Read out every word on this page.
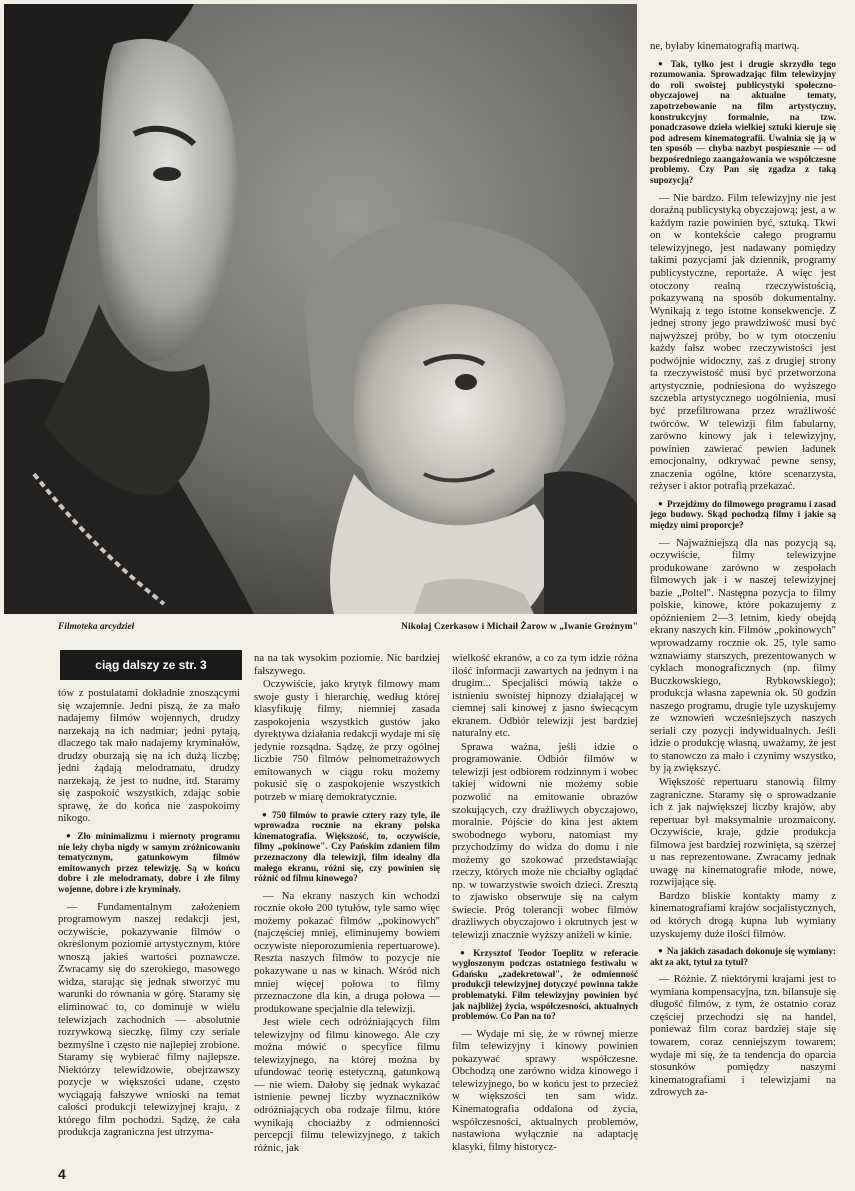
Filmoteka arcydzieł	Nikołaj Czerkasow i Michaił Żarow w „Iwanie Groźnym"
ciąg dalszy ze str. 3

tów z postulatami dokładnie znoszącymi się wzajemnie. Jedni piszą, że za mało nadajemy filmów wojennych, drudzy narzekają na ich nadmiar; jedni pytają, dlaczego tak mało nadajemy kryminałów, drudzy oburzają się na ich dużą liczbę; jedni żądają melodramatu, drudzy narzekają, że jest to nudne, itd. Staramy się zaspokoić wszystkich, zdając sobie sprawę, że do końca nie zaspokoimy nikogo.

● Zło minimalizmu i miernoty programu nie leży chyba nigdy w samym zróżnicowaniu tematycznym, gatunkowym filmów emitowanych przez telewizję. Są w końcu dobre i złe melodramaty, dobre i złe filmy wojenne, dobre i złe kryminały.

— Fundamentalnym założeniem programowym naszej redakcji jest, oczywiście, pokazywanie filmów o określonym poziomie artystycznym, które wnoszą jakieś wartości poznawcze. Zwracamy się do szerokiego, masowego widza, starając się jednak stworzyć mu warunki do równania w górę. Staramy się eliminować to, co dominuje w wielu telewizjach zachodnich — absolutnie rozrywkową sieczkę, filmy czy seriale bezmyślne i często nie najlepiej zrobione. Staramy się wybierać filmy najlepsze. Niektórzy telewidzowie, obejrzawszy pozycje w większości udane, często wyciągają fałszywe wnioski na temat całości produkcji telewizyjnej kraju, z którego film pochodzi. Sądzę, że cała produkcja zagraniczna jest utrzyma-

na na tak wysokim poziomie. Nic bardziej fałszywego.

Oczywiście, jako krytyk filmowy mam swoje gusty i hierarchię, według której klasyfikuję filmy, niemniej zasada zaspokojenia wszystkich gustów jako dyrektywa działania redakcji wydaje mi się jedynie rozsądna. Sądzę, że przy ogólnej liczbie 750 filmów pełnometrażowych emitowanych w ciągu roku możemy pokusić się o zaspokojenie wszystkich potrzeb w miarę demokratycznie.

● 750 filmów to prawie cztery razy tyle, ile wprowadza rocznie na ekrany polska kinematografia. Większość, to, oczywiście, filmy „pokinowe". Czy Pańskim zdaniem film przeznaczony dla telewizji, film idealny dla małego ekranu, różni się, czy powinien się różnić od filmu kinowego?

— Na ekrany naszych kin wchodzi rocznie około 200 tytułów, tyle samo więc możemy pokazać filmów „pokinowych" (najczęściej mniej, eliminujemy bowiem oczywiste nieporozumienia repertuarowe). Reszta naszych filmów to pozycje nie pokazywane u nas w kinach. Wśród nich mniej więcej połowa to filmy przeznaczone dla kin, a druga połowa — produkowane specjalnie dla telewizji.

Jest wiele cech odróżniających film telewizyjny od filmu kinowego. Ale czy można mówić o specyfice filmu telewizyjnego, na której można by ufundować teorię estetyczną, gatunkową — nie wiem. Dałoby się jednak wykazać istnienie pewnej liczby wyznaczników odróżniających oba rodzaje filmu, które wynikają chociażby z odmienności percepcji filmu telewizyjnego, z takich różnic, jak

wielkość ekranów, a co za tym idzie różna ilość informacji zawartych na jednym i na drugim... Specjaliści mówią także o istnieniu swoistej hipnozy działającej w ciemnej sali kinowej z jasno świecącym ekranem. Odbiór telewizji jest bardziej naturalny etc.

Sprawa ważna, jeśli idzie o programowanie. Odbiór filmów w telewizji jest odbiorem rodzinnym i wobec takiej widowni nie możemy sobie pozwolić na emitowanie obrazów szokujących, czy drażliwych obyczajowo, moralnie. Pójście do kina jest aktem swobodnego wyboru, natomiast my przychodzimy do widza do domu i nie możemy go szokować przedstawiając rzeczy, których może nie chciałby oglądać np. w towarzystwie swoich dzieci. Zresztą to zjawisko obserwuje się na całym świecie. Próg tolerancji wobec filmów drażliwych obyczajowo i okrutnych jest w telewizji znacznie wyższy aniżeli w kinie.

● Krzysztof Teodor Toeplitz w referacie wygłoszonym podczas ostatniego festiwalu w Gdańsku „zadekretował", że odmienność produkcji telewizyjnej dotyczyć powinna także problematyki. Film telewizyjny powinien być jak najbliżej życia, współczesności, aktualnych problemów. Co Pan na to?

— Wydaje mi się, że w równej mierze film telewizyjny i kinowy powinien pokazywać sprawy współczesne. Obchodzą one zarówno widza kinowego i telewizyjnego, bo w końcu jest to przecież w większości ten sam widz. Kinematografia oddalona od życia, współczesności, aktualnych problemów, nastawiona wyłącznie na adaptację klasyki, filmy historycz-

ne, byłaby kinematografią martwą.

● Tak, tylko jest i drugie skrzydło tego rozumowania. Sprowadzając film telewizyjny do roli swoistej publicystyki społeczno-obyczajowej na aktualne tematy, zapotrzebowanie na film artystyczny, konstrukcyjny formalnie, na tzw. ponadczasowe dzieła wielkiej sztuki kieruje się pod adresem kinematografii. Uwalnia się ją w ten sposób — chyba nazbyt pospiesznie — od bezpośredniego zaangażowania we współczesne problemy. Czy Pan się zgadza z taką supozycją?

— Nie bardzo. Film telewizyjny nie jest doraźną publicystyką obyczajową; jest, a w każdym razie powinien być, sztuką. Tkwi on w kontekście całego programu telewizyjnego, jest nadawany pomiędzy takimi pozycjami jak dziennik, programy publicystyczne, reportaże. A więc jest otoczony realną rzeczywistością, pokazywaną na sposób dokumentalny. Wynikają z tego istotne konsekwencje. Z jednej strony jego prawdziwość musi być najwyższej próby, bo w tym otoczeniu każdy fałsz wobec rzeczywistości jest podwójnie widoczny, zaś z drugiej strony ta rzeczywistość musi być przetworzona artystycznie, podniesiona do wyższego szczebla artystycznego uogólnienia, musi być przefiltrowana przez wrażliwość twórców. W telewizji film fabularny, zarówno kinowy jak i telewizyjny, powinien zawierać pewien ładunek emocjonalny, odkrywać pewne sensy, znaczenia ogólne, które scenarzysta, reżyser i aktor potrafią przekazać.

● Przejdźmy do filmowego programu i zasad jego budowy. Skąd pochodzą filmy i jakie są między nimi proporcje?

— Najważniejszą dla nas pozycją są, oczywiście, filmy telewizyjne produkowane zarówno w zespołach filmowych jak i w naszej telewizyjnej bazie „Poltel". Następna pozycja to filmy polskie, kinowe, które pokazujemy z opóźnieniem 2—3 letnim, kiedy obejdą ekrany naszych kin. Filmów „pokinowych" wprowadzamy rocznie ok. 25, tyle samo wznawiamy starszych, prezentowanych w cyklach monograficznych (np. filmy Buczkowskiego, Rybkowskiego); produkcja własna zapewnia ok. 50 godzin naszego programu, drugie tyle uzyskujemy ze wznowień wcześniejszych naszych seriali czy pozycji indywidualnych. Jeśli idzie o produkcję własną, uważamy, że jest to stanowczo za mało i czynimy wszystko, by ją zwiększyć.

Większość repertuaru stanowią filmy zagraniczne. Staramy się o sprowadzanie ich z jak największej liczby krajów, aby repertuar był maksymalnie urozmaicony. Oczywiście, kraje, gdzie produkcja filmowa jest bardziej rozwinięta, są szerzej u nas reprezentowane. Zwracamy jednak uwagę na kinematografie młode, nowe, rozwijające się.

Bardzo bliskie kontakty mamy z kinematografiami krajów socjalistycznych, od których drogą kupna lub wymiany uzyskujemy duże ilości filmów.

● Na jakich zasadach dokonuje się wymiany: akt za akt, tytuł za tytuł?

— Różnie. Z niektórymi krajami jest to wymiana kompensacyjna, tzn. bilansuje się długość filmów, z tym, że ostatnio coraz częściej przechodzi się na handel, ponieważ film coraz bardziej staje się towarem, coraz cenniejszym towarem; wydaje mi się, że ta tendencja do oparcia stosunków pomiędzy naszymi kinematografiami i telewizjami na zdrowych za-

4
